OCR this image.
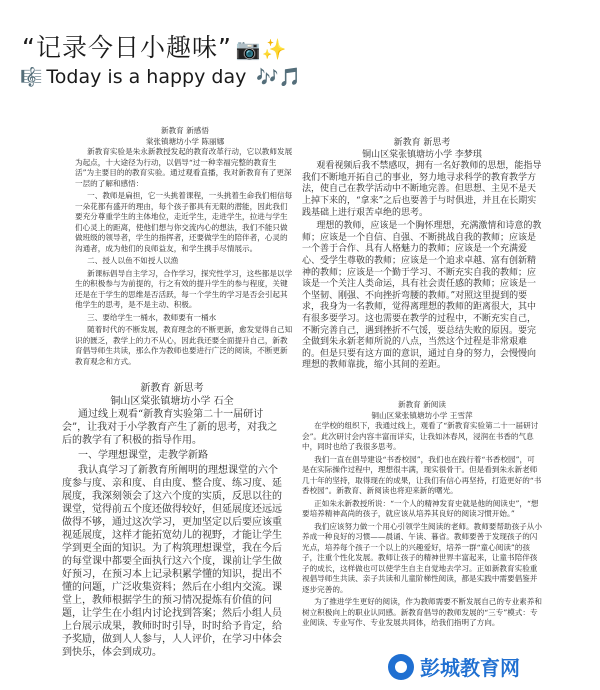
“记录今日小趣味” 📷✨
🎼 Today is a happy day 🎶🎵

新教育 新感悟

棠张镇塘坊小学 陈丽娜

新教育实验是朱永新教授发起的教育改革行动，它以教师发展为起点，十大途径为行动，以倡导“过一种幸福完整的教育生活”为主要目的的教育实验。通过观看直播，我对新教育有了更深一层的了解和感悟：

一、教师是扁担，它一头挑着课程，一头挑着生命我们相信每一朵花都有盛开的理由，每个孩子都具有无限的潜能，因此我们要充分尊重学生的主体地位，走近学生，走进学生，拉进与学生们心灵上的距离，使他们想与你交流内心的想法，我们不能只做做班级的领导者，学生的指挥者，还要做学生的陪伴者，心灵的沟通者，成为他们的良师益友，和学生携手尽情展示。

二、授人以鱼不如授人以渔

新课标倡导自主学习，合作学习，探究性学习，这些都是以学生的积极参与为前提的，行之有效的提升学生的参与程度，关键还是在于学生的思维是否活跃，每一个学生的学习是否会引起其他学生的思考，是不是主动、积极。

三、要给学生一桶水，教师要有一桶水

随着时代的不断发展，教育理念的不断更新，愈发觉得自己知识的匮乏，教学上的力不从心，因此我还要全面提升自己，新教育倡导师生共读，那么作为教师也要进行广泛的阅读，不断更新教育观念和方式。

新教育 新思考

铜山区棠张镇塘坊小学 李梦琪

观看视频后我不禁感叹，拥有一名好教师的思想，能指导我们不断地开拓自己的事业，努力地寻求科学的教育教学方法，使自己在教学活动中不断地完善。但思想、主见不是天上掉下来的，“拿来”之后也要善于与时俱进，并且在长期实践基础上进行艰苦卓绝的思考。

理想的教师，应该是一个胸怀理想，充满激情和诗意的教师；应该是一个自信、自强、不断挑战自我的教师；应该是一个善于合作、具有人格魅力的教师；应该是一个充满爱心、受学生尊敬的教师；应该是一个追求卓越、富有创新精神的教师；应该是一个勤于学习、不断充实自我的教师；应该是一个关注人类命运，具有社会责任感的教师；应该是一个坚韧、刚强、不向挫折弯腰的教师。”对照这里提到的要求，我身为一名教师，觉得离理想的教师的距离很大，其中有很多要学习。这也需要在教学的过程中，不断充实自己，不断完善自己，遇到挫折不气馁，要总结失败的原因。要完全做到朱永新老师所说的八点，当然这个过程是非常艰难的。但是只要有这方面的意识，通过自身的努力，会慢慢向理想的教师靠拢，缩小其间的差距。

新教育 新思考

铜山区棠张镇塘坊小学 石全

通过线上观看“新教育实验第二十一届研讨会”，让我对于小学教育产生了新的思考，对我之后的教学有了积极的指导作用。

一、学理想课堂，走教学新路

我认真学习了新教育所阐明的理想课堂的六个度参与度、亲和度、自由度、整合度、练习度、延展度，我深刻领会了这六个度的实质，反思以往的课堂，觉得前五个度还做得较好，但延展度还远远做得不够，通过这次学习，更加坚定以后要应该重视延展度，这样才能拓宽幼儿的视野，才能让学生学到更全面的知识。为了构筑理想课堂，我在今后的每堂课中都要全面执行这六个度，课前让学生做好预习，在预习本上记录积累学懂的知识，提出不懂的问题，广泛收集资料；然后在小组内交流。课堂上，教师根据学生的预习情况提炼有价值的问题，让学生在小组内讨论找到答案；然后小组人员上台展示成果，教师时时引导，时时给予肯定，给予奖励，做到人人参与，人人评价，在学习中体会到快乐，体会到成功。

新教育 新阅读

铜山区棠张镇塘坊小学 王雪萍

在学校的组织下，我通过线上，观看了“新教育实验第二十一届研讨会”。此次研讨会内容丰富而详实，让我如沐春风，浸润在书香的气息中，同时也给了我很多思考。

我们一直在倡导建设“书香校园”，我们也在践行着“书香校园”，可是在实际操作过程中，理想很丰满，现实很骨干。但是看到朱永新老师几十年的坚持，取得现在的成果，让我们有信心再坚持，打造更好的“书香校园”。新教育、新阅读也将迎来新的曙光。

正如朱永新教授所说：“一个人的精神发育史就是他的阅读史”，“想要培养精神高尚的孩子，就应该从培养其良好的阅读习惯开始。”

我们应该努力做一个用心引领学生阅读的老师。教师要帮助孩子从小养成一种良好的习惯——晨诵、午读、暮省。教师要善于发现孩子的闪光点，培养每个孩子一个以上的兴趣爱好，培养一群“童心阅读”的孩子，注重个性化发展。教师让孩子的精神世界丰富起来，让童书陪伴孩子的成长，这样做也可以使学生自主自觉地去学习。正如新教育实验重视倡导师生共读、亲子共读和儿童阶梯性阅读，都是实践中需要倡鉴并逐步完善的。

为了推进学生更好的阅读，作为教师需要不断发展自己的专业素养和树立积极向上的职业认同感。新教育倡导的教师发展的“三专”模式：专业阅读、专业写作、专业发展共同体，给我们指明了方向。

彭城教育网
